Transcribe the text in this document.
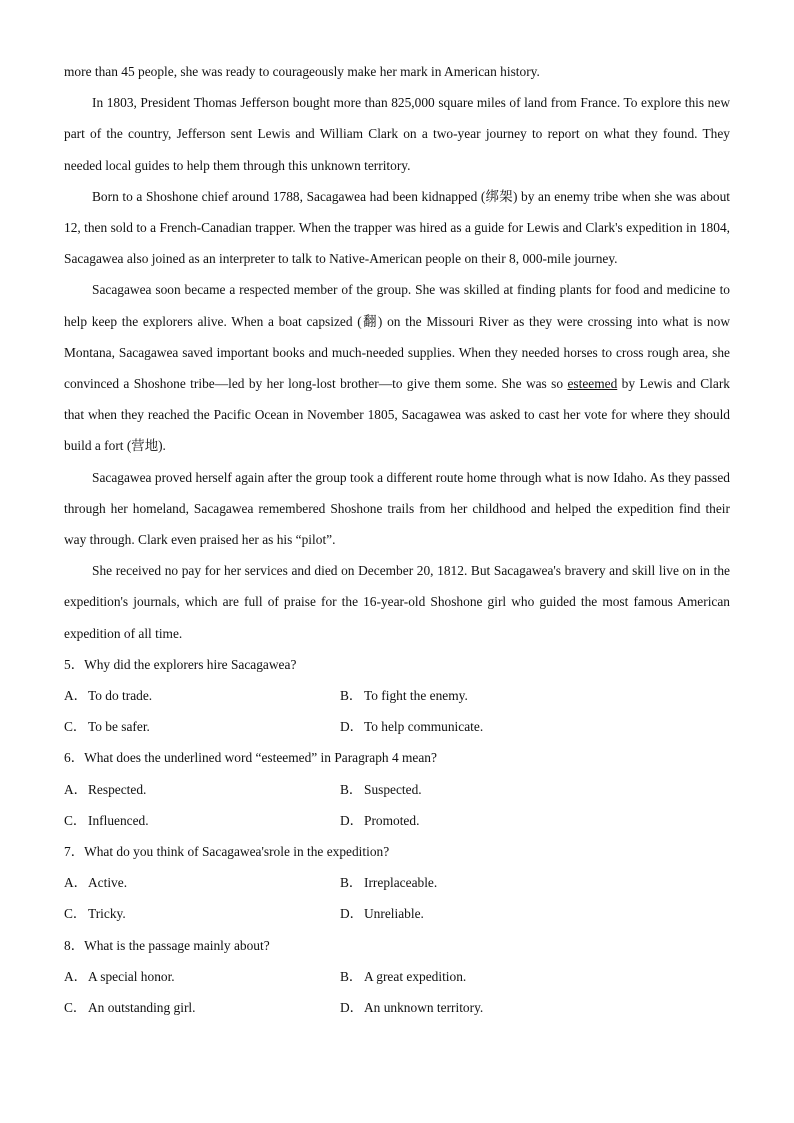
more than 45 people, she was ready to courageously make her mark in American history.

In 1803, President Thomas Jefferson bought more than 825,000 square miles of land from France. To explore this new part of the country, Jefferson sent Lewis and William Clark on a two-year journey to report on what they found. They needed local guides to help them through this unknown territory.

Born to a Shoshone chief around 1788, Sacagawea had been kidnapped (绑架) by an enemy tribe when she was about 12, then sold to a French-Canadian trapper. When the trapper was hired as a guide for Lewis and Clark's expedition in 1804, Sacagawea also joined as an interpreter to talk to Native-American people on their 8, 000-mile journey.

Sacagawea soon became a respected member of the group. She was skilled at finding plants for food and medicine to help keep the explorers alive. When a boat capsized (翻) on the Missouri River as they were crossing into what is now Montana, Sacagawea saved important books and much-needed supplies. When they needed horses to cross rough area, she convinced a Shoshone tribe—led by her long-lost brother—to give them some. She was so esteemed by Lewis and Clark that when they reached the Pacific Ocean in November 1805, Sacagawea was asked to cast her vote for where they should build a fort (营地).

Sacagawea proved herself again after the group took a different route home through what is now Idaho. As they passed through her homeland, Sacagawea remembered Shoshone trails from her childhood and helped the expedition find their way through. Clark even praised her as his “pilot”.

She received no pay for her services and died on December 20, 1812. But Sacagawea's bravery and skill live on in the expedition's journals, which are full of praise for the 16-year-old Shoshone girl who guided the most famous American expedition of all time.

5．Why did the explorers hire Sacagawea?

A．To do trade.	B． To fight the enemy.
C． To be safer.	D．To help communicate.

6．What does the underlined word “esteemed” in Paragraph 4 mean?

A．Respected.	B． Suspected.
C． Influenced.	D．Promoted.

7．What do you think of Sacagawea'srole in the expedition?

A．Active.	B． Irreplaceable.
C． Tricky.	D．Unreliable.

8．What is the passage mainly about?

A．A special honor.	B． A great expedition.
C． An outstanding girl.	D．An unknown territory.
